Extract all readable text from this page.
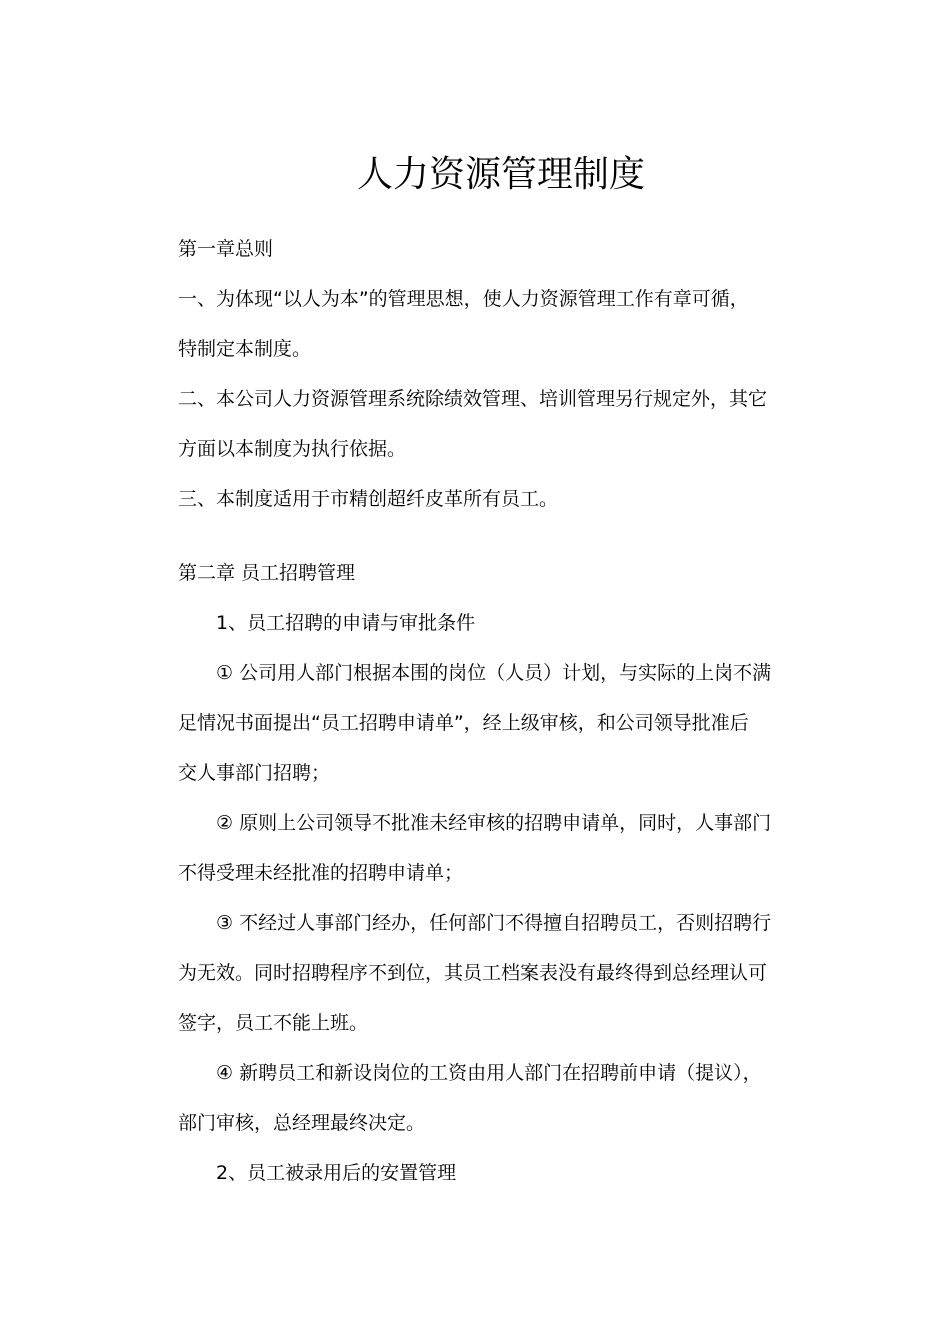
人力资源管理制度

第一章总则

一、为体现“以人为本”的管理思想，使人力资源管理工作有章可循，

特制定本制度。

二、本公司人力资源管理系统除绩效管理、培训管理另行规定外，其它

方面以本制度为执行依据。

三、本制度适用于市精创超纤皮革所有员工。

第二章 员工招聘管理

1、员工招聘的申请与审批条件

① 公司用人部门根据本围的岗位（人员）计划，与实际的上岗不满

足情况书面提出“员工招聘申请单”，经上级审核，和公司领导批准后

交人事部门招聘；

② 原则上公司领导不批准未经审核的招聘申请单，同时，人事部门

不得受理未经批准的招聘申请单；

③ 不经过人事部门经办，任何部门不得擅自招聘员工，否则招聘行

为无效。同时招聘程序不到位，其员工档案表没有最终得到总经理认可

签字，员工不能上班。

④ 新聘员工和新设岗位的工资由用人部门在招聘前申请（提议），

部门审核，总经理最终决定。

2、员工被录用后的安置管理
